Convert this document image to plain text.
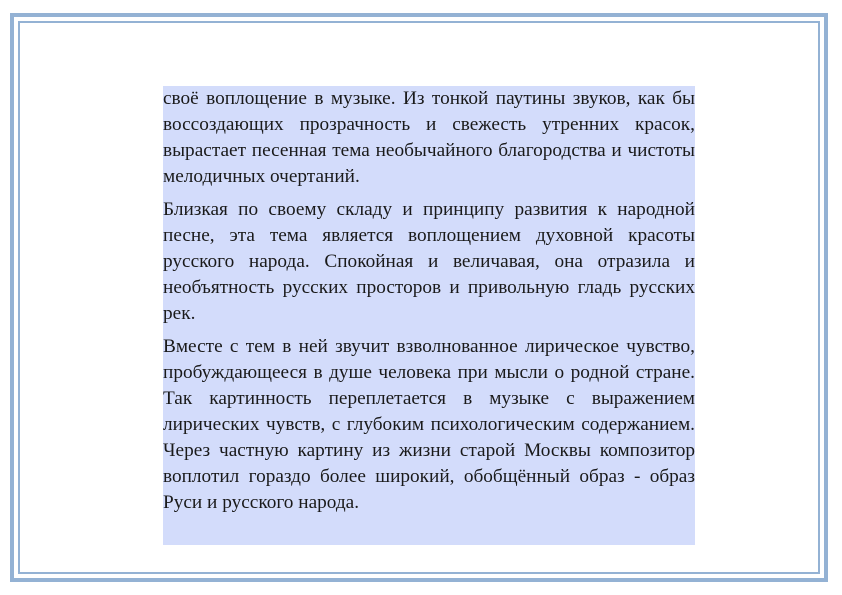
своё воплощение в музыке. Из тонкой паутины звуков, как бы воссоздающих прозрачность и свежесть утренних красок, вырастает песенная тема необычайного благородства и чистоты мелодичных очертаний.

Близкая по своему складу и принципу развития к народной песне, эта тема является воплощением духовной красоты русского народа. Спокойная и величавая, она отразила и необъятность русских просторов и привольную гладь русских рек.

Вместе с тем в ней звучит взволнованное лирическое чувство, пробуждающееся в душе человека при мысли о родной стране. Так картинность переплетается в музыке с выражением лирических чувств, с глубоким психологическим содержанием. Через частную картину из жизни старой Москвы композитор воплотил гораздо более широкий, обобщённый образ - образ Руси и русского народа.
